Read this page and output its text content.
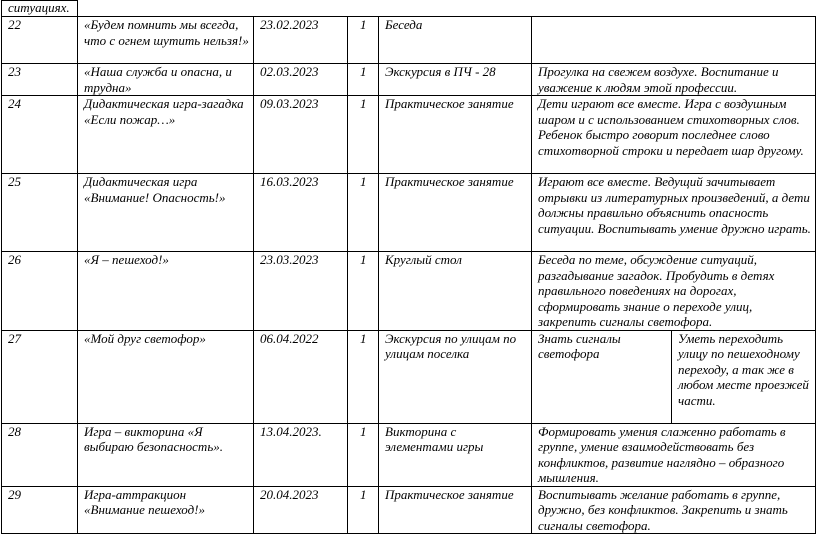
ситуациях.						
22	«Будем помнить мы всегда, что с огнем шутить нельзя!»	23.02.2023	1	Беседа		
23	«Наша служба и опасна, и трудна»	02.03.2023	1	Экскурсия в ПЧ - 28	Прогулка на свежем воздухе. Воспитание и уважение к людям этой профессии.	
24	Дидактическая игра-загадка «Если пожар…»	09.03.2023	1	Практическое занятие	Дети играют все вместе. Игра с воздушным шаром и с использованием стихотворных слов. Ребенок быстро говорит последнее слово стихотворной строки и передает шар другому.	
25	Дидактическая игра «Внимание! Опасность!»	16.03.2023	1	Практическое занятие	Играют все вместе. Ведущий зачитывает отрывки из литературных произведений, а дети должны правильно объяснить опасность ситуации. Воспитывать умение дружно играть.	
26	«Я – пешеход!»	23.03.2023	1	Круглый стол	Беседа по теме, обсуждение ситуаций, разгадывание загадок. Пробудить в детях правильного поведениях на дорогах, сформировать знание о переходе улиц, закрепить сигналы светофора.	
27	«Мой друг светофор»	06.04.2022	1	Экскурсия по улицам по улицам поселка	Знать сигналы светофора	Уметь переходить улицу по пешеходному переходу, а так же в любом месте проезжей части.
28	Игра – викторина «Я выбираю безопасность».	13.04.2023.	1	Викторина с элементами игры	Формировать умения слаженно работать в группе, умение взаимодействовать без конфликтов, развитие наглядно – образного мышления.	
29	Игра-аттракцион «Внимание пешеход!»	20.04.2023	1	Практическое занятие	Воспитывать желание работать в группе, дружно, без конфликтов. Закрепить и знать сигналы светофора.	
